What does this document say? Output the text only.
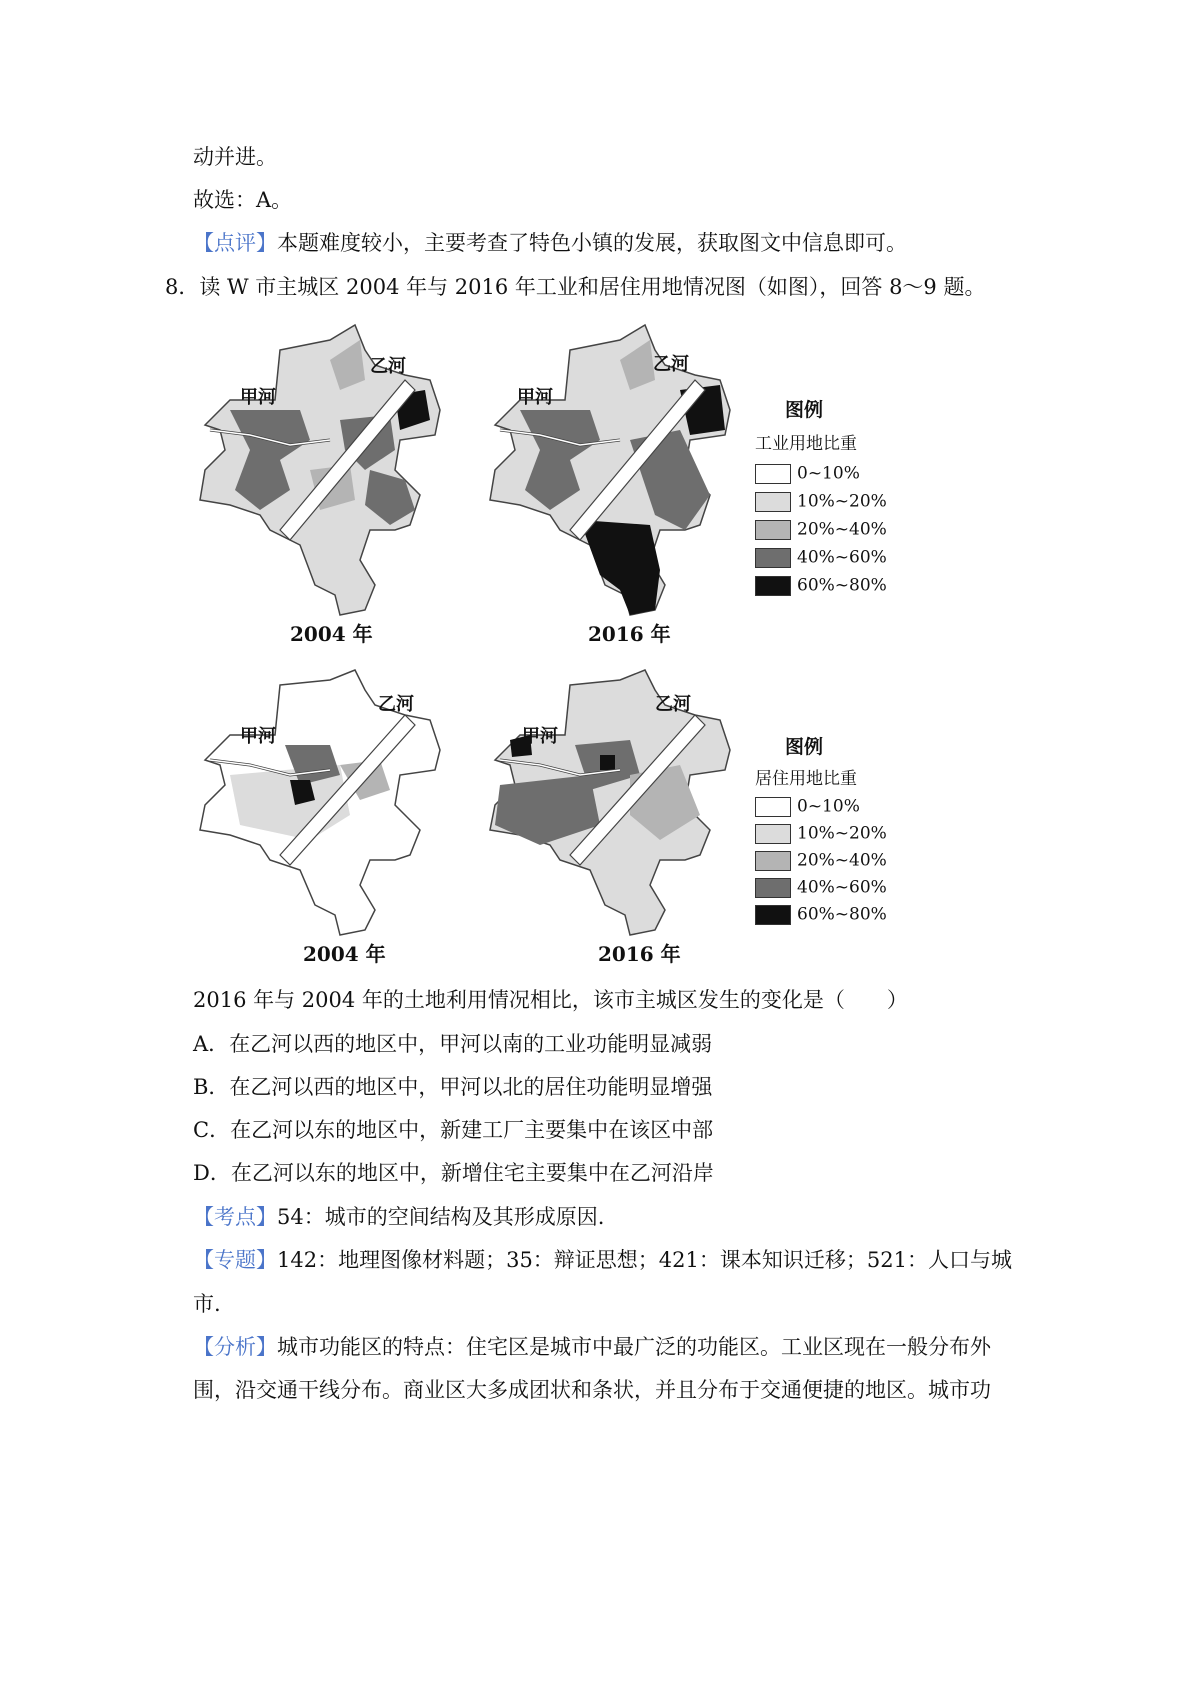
动并进。
故选：A。
【点评】本题难度较小，主要考查了特色小镇的发展，获取图文中信息即可。
8．读 W 市主城区 2004 年与 2016 年工业和居住用地情况图（如图），回答 8～9 题。
甲河
乙河
甲河
乙河
甲河
乙河
甲河
乙河
2004 年	2016 年
2004 年	2016 年
图例
工业用地比重
0~10%
10%~20%
20%~40%
40%~60%
60%~80%
图例
居住用地比重
0~10%
10%~20%
20%~40%
40%~60%
60%~80%
2016 年与 2004 年的土地利用情况相比，该市主城区发生的变化是（　　）
A．在乙河以西的地区中，甲河以南的工业功能明显减弱
B．在乙河以西的地区中，甲河以北的居住功能明显增强
C．在乙河以东的地区中，新建工厂主要集中在该区中部
D．在乙河以东的地区中，新增住宅主要集中在乙河沿岸
【考点】54：城市的空间结构及其形成原因.
【专题】142：地理图像材料题；35：辩证思想；421：课本知识迁移；521：人口与城
市.
【分析】城市功能区的特点：住宅区是城市中最广泛的功能区。工业区现在一般分布外
围，沿交通干线分布。商业区大多成团状和条状，并且分布于交通便捷的地区。城市功
